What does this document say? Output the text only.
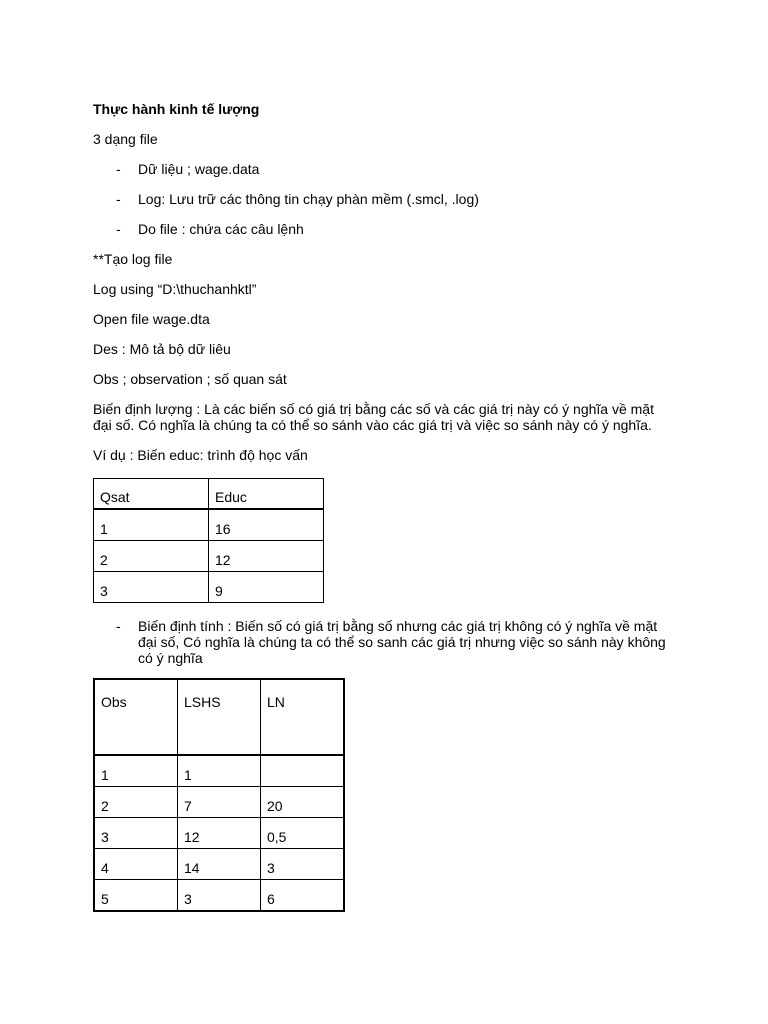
Thực hành kinh tế lượng
3 dạng file
- Dữ liệu ; wage.data
- Log: Lưu trữ các thông tin chạy phàn mềm (.smcl, .log)
- Do file : chứa các câu lệnh
**Tạo log file
Log using “D:\thuchanhktl”
Open file wage.dta
Des : Mô tả bộ dữ liêu
Obs ; observation ; số quan sát
Biến định lượng : Là các biến số có giá trị bằng các số và các giá trị này có ý nghĩa về mặt đại số. Có nghĩa là chúng ta có thể so sánh vào các giá trị và việc so sánh này có ý nghĩa.
Ví dụ : Biến educ: trình độ học vấn
Qsat	Educ
1	16
2	12
3	9
- Biến định tính : Biến số có giá trị bằng số nhưng các giá trị không có ý nghĩa về mặt đại số, Có nghĩa là chúng ta có thể so sanh các giá trị nhưng việc so sánh này không có ý nghĩa
Obs	LSHS	LN
1	1	
2	7	20
3	12	0,5
4	14	3
5	3	6
